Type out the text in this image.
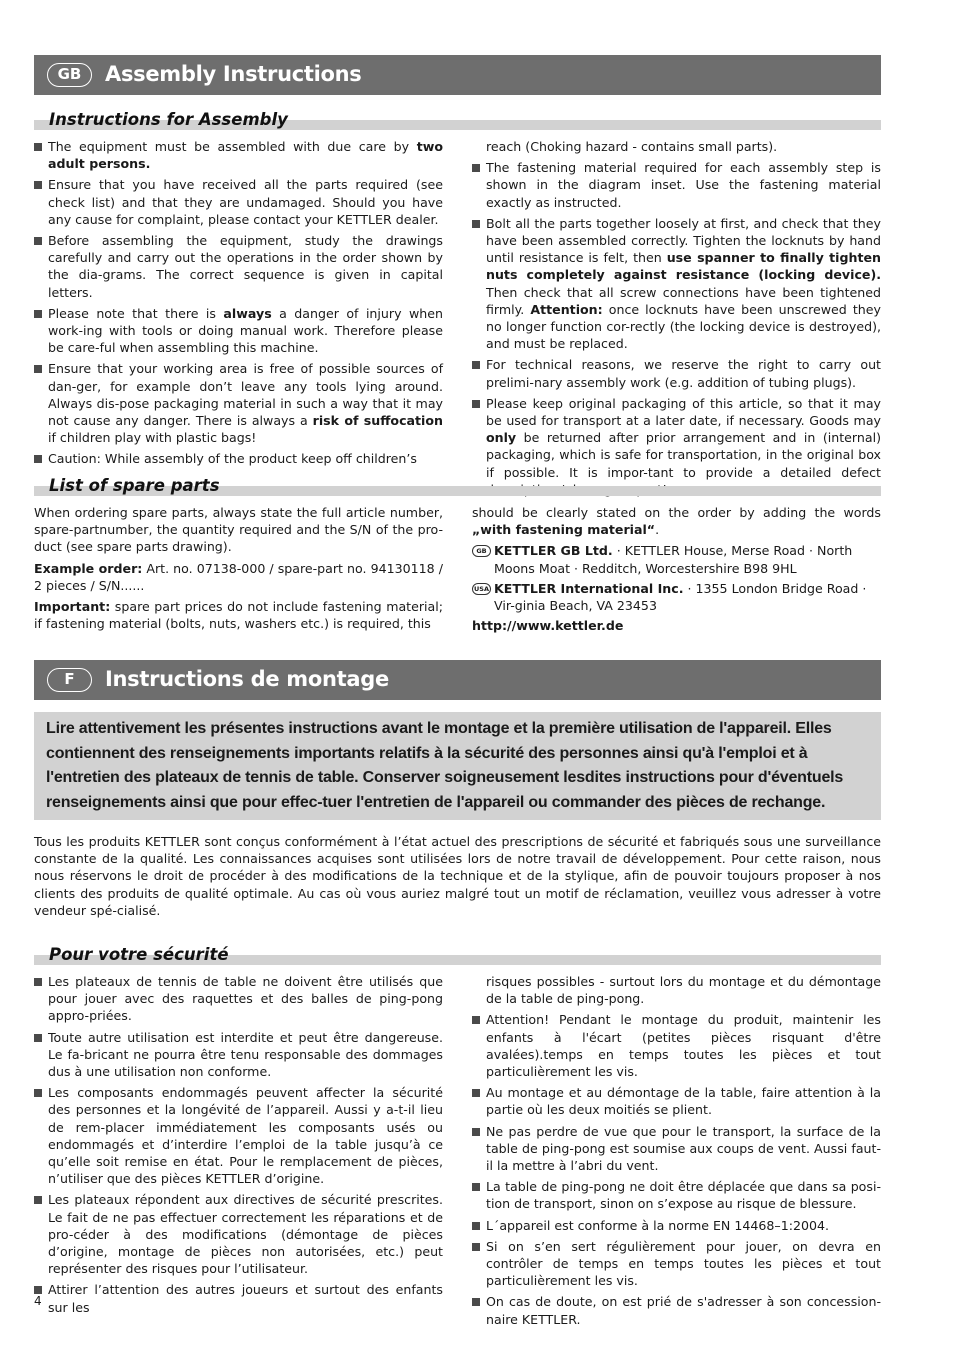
GB	Assembly Instructions
Instructions for Assembly
The equipment must be assembled with due care by two adult persons.
Ensure that you have received all the parts required (see check list) and that they are undamaged. Should you have any cause for complaint, please contact your KETTLER dealer.
Before assembling the equipment, study the drawings carefully and carry out the operations in the order shown by the dia-grams. The correct sequence is given in capital letters.
Please note that there is always a danger of injury when work-ing with tools or doing manual work. Therefore please be care-ful when assembling this machine.
Ensure that your working area is free of possible sources of dan-ger, for example don’t leave any tools lying around. Always dis-pose packaging material in such a way that it may not cause any danger. There is always a risk of suffocation if children play with plastic bags!
Caution: While assembly of the product keep off children’s
reach (Choking hazard - contains small parts).
The fastening material required for each assembly step is shown in the diagram inset. Use the fastening material exactly as instructed.
Bolt all the parts together loosely at first, and check that they have been assembled correctly. Tighten the locknuts by hand until resistance is felt, then use spanner to finally tighten nuts completely against resistance (locking device). Then check that all screw connections have been tightened firmly. Attention: once locknuts have been unscrewed they no longer function cor-rectly (the locking device is destroyed), and must be replaced.
For technical reasons, we reserve the right to carry out prelimi-nary assembly work (e.g. addition of tubing plugs).
Please keep original packaging of this article, so that it may be used for transport at a later date, if necessary. Goods may only be returned after prior arrangement and in (internal) packaging, which is safe for transportation, in the original box if possible. It is impor-tant to provide a detailed defect
List of spare parts

When ordering spare parts, always state the full article number, spare-partnumber, the quantity required and the S/N of the pro-duct (see spare parts drawing).

Example order: Art. no. 07138-000 / spare-part no. 94130118 / 2 pieces / S/N......

Important: spare part prices do not include fastening material; if fastening material (bolts, nuts, washers etc.) is required, this

should be clearly stated on the order by adding the words „with fastening material“.

GB KETTLER GB Ltd. · KETTLER House, Merse Road · North Moons Moat · Redditch, Worcestershire B98 9HL
USA KETTLER International Inc. · 1355 London Bridge Road · Vir-ginia Beach, VA 23453

http://www.kettler.de

F	Instructions de montage
Lire attentivement les présentes instructions avant le montage et la première utilisation de l'appareil. Elles contiennent des renseignements importants relatifs à la sécurité des personnes ainsi qu'à l'emploi et à l'entretien des plateaux de tennis de table. Conserver soigneusement lesdites instructions pour d'éventuels renseignements ainsi que pour effec-tuer l'entretien de l'appareil ou commander des pièces de rechange.

Tous les produits KETTLER sont conçus conformément à l’état actuel des prescriptions de sécurité et fabriqués sous une surveillance constante de la qualité. Les connaissances acquises sont utilisées lors de notre travail de développement. Pour cette raison, nous nous réservons le droit de procéder à des modifications de la technique et de la stylique, afin de pouvoir toujours proposer à nos clients des produits de qualité optimale. Au cas où vous auriez malgré tout un motif de réclamation, veuillez vous adresser à votre vendeur spé-cialisé.

Pour votre sécurité
Les plateaux de tennis de table ne doivent être utilisés que pour jouer avec des raquettes et des balles de ping-pong appro-priées.
Toute autre utilisation est interdite et peut être dangereuse. Le fa-bricant ne pourra être tenu responsable des dommages dus à une utilisation non conforme.
Les composants endommagés peuvent affecter la sécurité des personnes et la longévité de l’appareil. Aussi y a-t-il lieu de rem-placer immédiatement les composants usés ou endommagés et d’interdire l’emploi de la table jusqu’à ce qu’elle soit remise en état. Pour le remplacement de pièces, n’utiliser que des pièces KETTLER d’origine.
Les plateaux répondent aux directives de sécurité prescrites. Le fait de ne pas effectuer correctement les réparations et de pro-céder à des modifications (démontage de pièces d’origine, montage de pièces non autorisées, etc.) peut représenter des risques pour l’utilisateur.
Attirer l’attention des autres joueurs et surtout des enfants sur les
risques possibles - surtout lors du montage et du démontage de la table de ping-pong.
Attention! Pendant le montage du produit, maintenir les enfants à l'écart (petites pièces risquant d'être avalées).temps en temps toutes les pièces et tout particulièrement les vis.
Au montage et au démontage de la table, faire attention à la partie où les deux moitiés se plient.
Ne pas perdre de vue que pour le transport, la surface de la table de ping-pong est soumise aux coups de vent. Aussi faut-il la mettre à l’abri du vent.
La table de ping-pong ne doit être déplacée que dans sa posi-tion de transport, sinon on s’expose au risque de blessure.
L´appareil est conforme à la norme EN 14468–1:2004.
Si on s’en sert régulièrement pour jouer, on devra en contrôler de temps en temps toutes les pièces et tout particulièrement les vis.
On cas de doute, on est prié de s'adresser à son concession-naire KETTLER.
4
